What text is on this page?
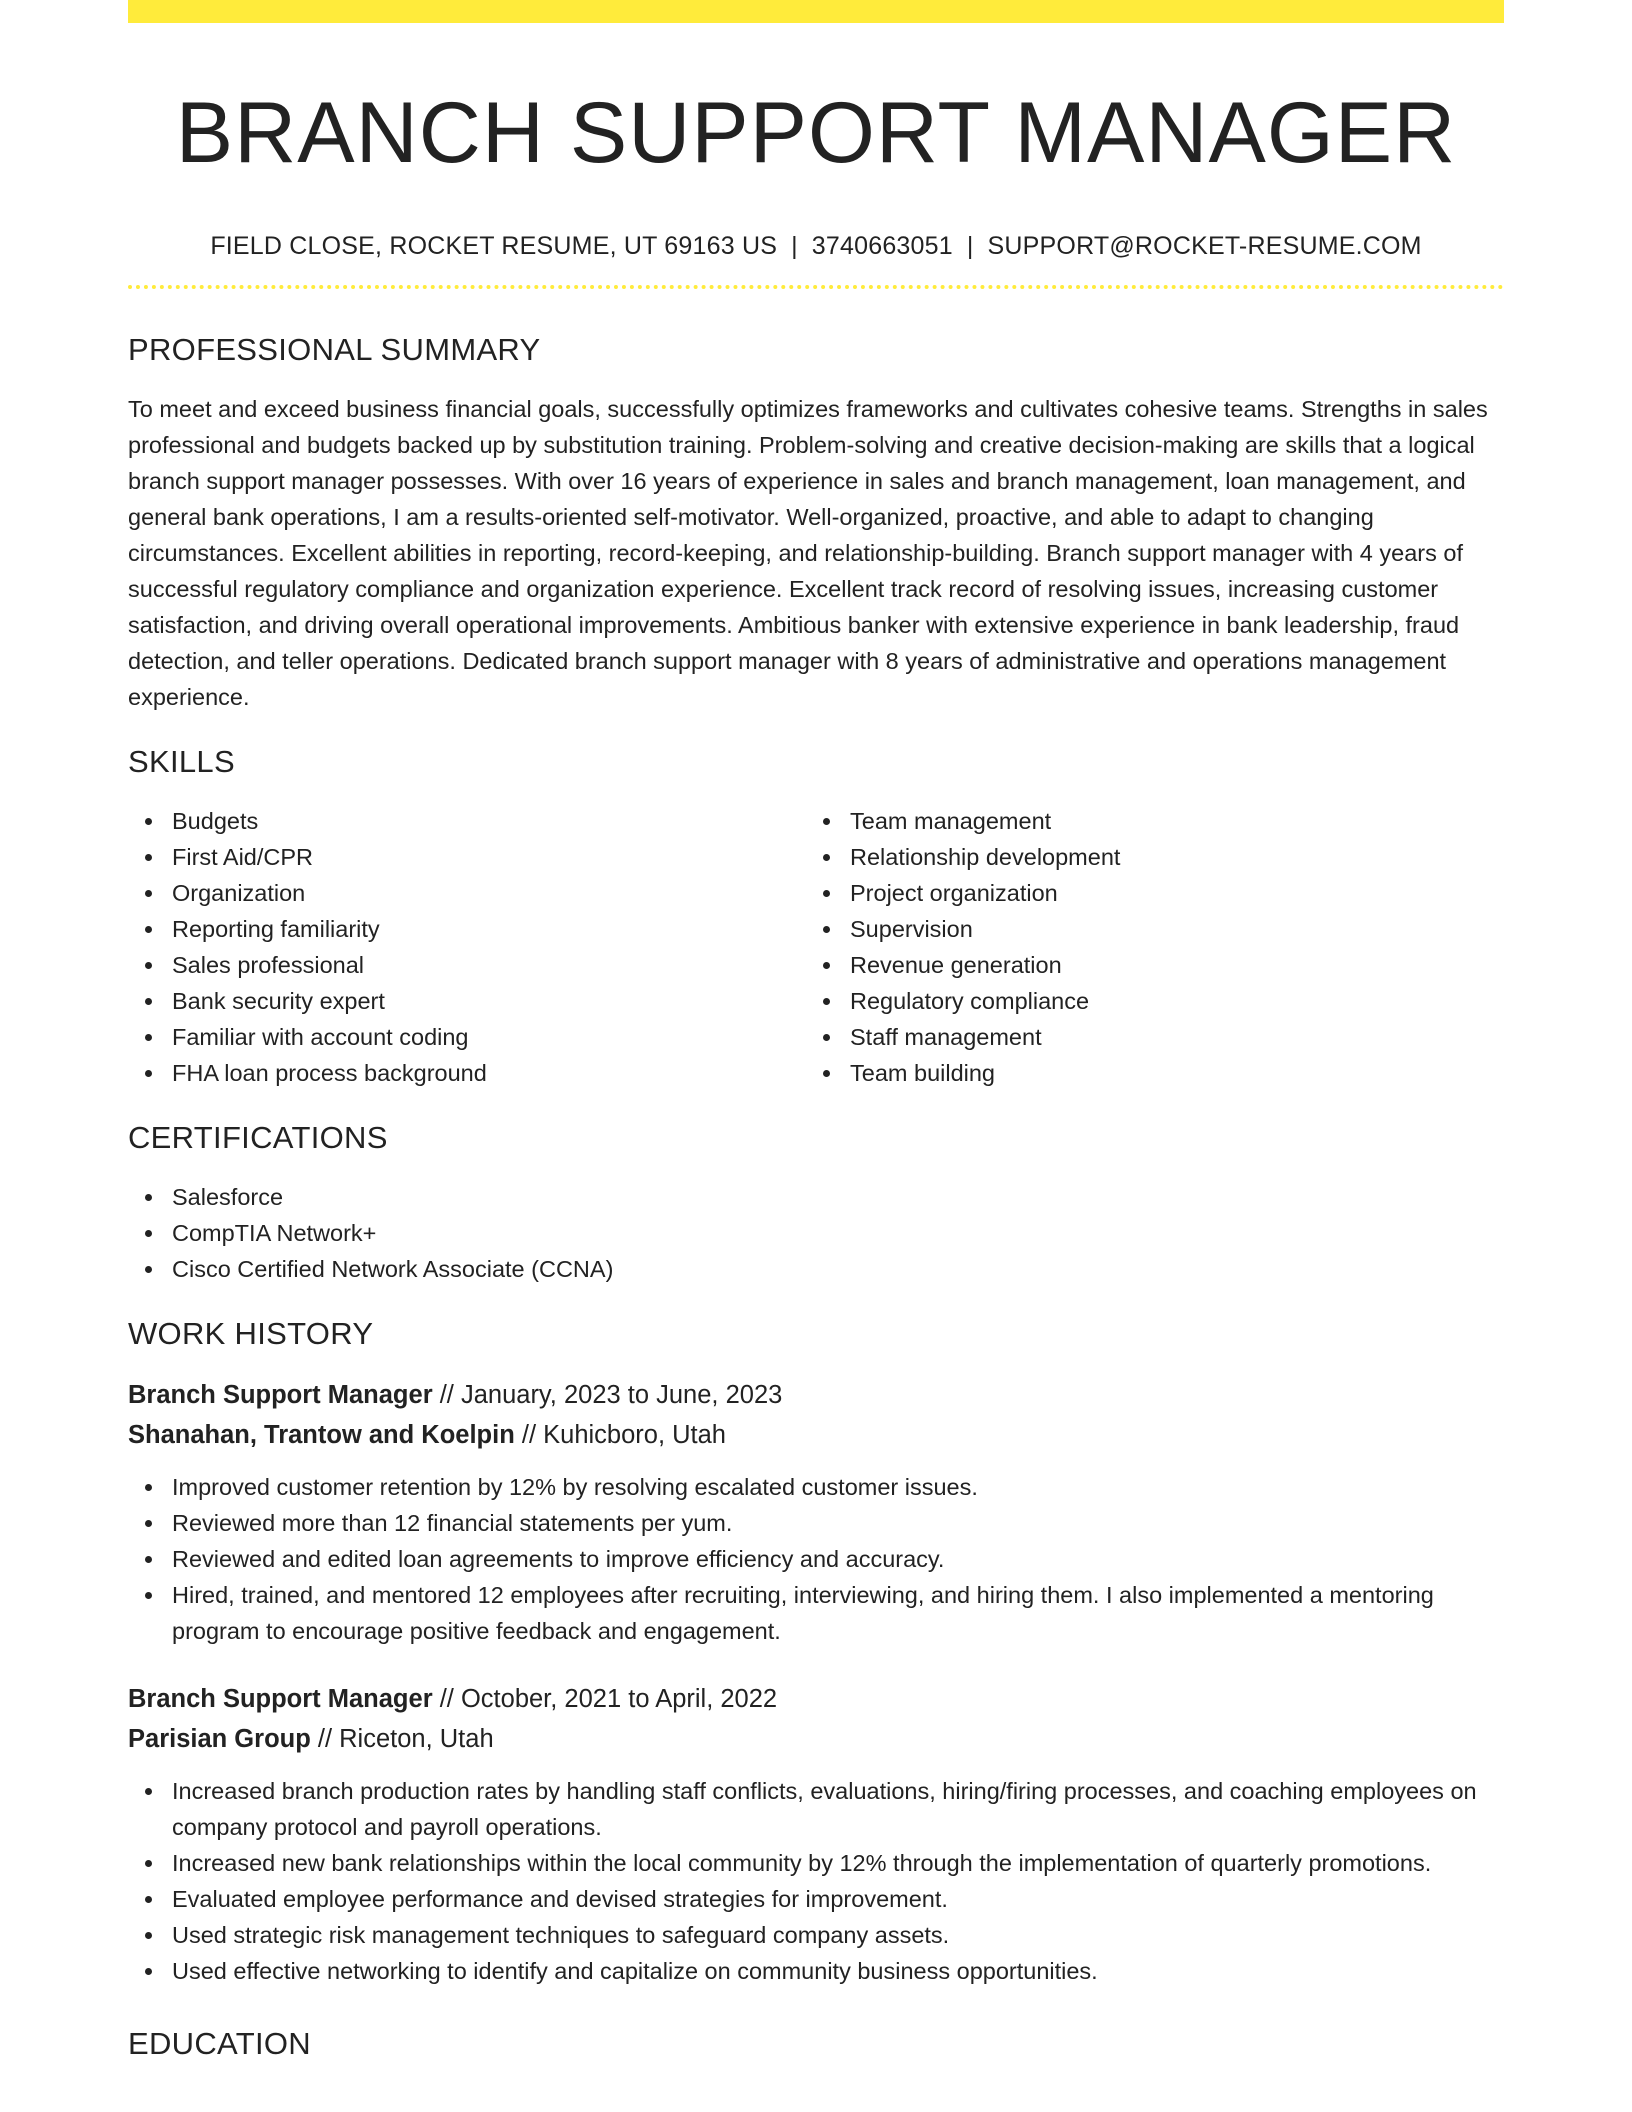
BRANCH SUPPORT MANAGER
FIELD CLOSE, ROCKET RESUME, UT 69163 US | 3740663051 | SUPPORT@ROCKET-RESUME.COM
PROFESSIONAL SUMMARY
To meet and exceed business financial goals, successfully optimizes frameworks and cultivates cohesive teams. Strengths in sales professional and budgets backed up by substitution training. Problem-solving and creative decision-making are skills that a logical branch support manager possesses. With over 16 years of experience in sales and branch management, loan management, and general bank operations, I am a results-oriented self-motivator. Well-organized, proactive, and able to adapt to changing circumstances. Excellent abilities in reporting, record-keeping, and relationship-building. Branch support manager with 4 years of successful regulatory compliance and organization experience. Excellent track record of resolving issues, increasing customer satisfaction, and driving overall operational improvements. Ambitious banker with extensive experience in bank leadership, fraud detection, and teller operations. Dedicated branch support manager with 8 years of administrative and operations management experience.
SKILLS
Budgets
First Aid/CPR
Organization
Reporting familiarity
Sales professional
Bank security expert
Familiar with account coding
FHA loan process background
Team management
Relationship development
Project organization
Supervision
Revenue generation
Regulatory compliance
Staff management
Team building
CERTIFICATIONS
Salesforce
CompTIA Network+
Cisco Certified Network Associate (CCNA)
WORK HISTORY
Branch Support Manager // January, 2023 to June, 2023
Shanahan, Trantow and Koelpin // Kuhicboro, Utah
Improved customer retention by 12% by resolving escalated customer issues.
Reviewed more than 12 financial statements per yum.
Reviewed and edited loan agreements to improve efficiency and accuracy.
Hired, trained, and mentored 12 employees after recruiting, interviewing, and hiring them. I also implemented a mentoring program to encourage positive feedback and engagement.
Branch Support Manager // October, 2021 to April, 2022
Parisian Group // Riceton, Utah
Increased branch production rates by handling staff conflicts, evaluations, hiring/firing processes, and coaching employees on company protocol and payroll operations.
Increased new bank relationships within the local community by 12% through the implementation of quarterly promotions.
Evaluated employee performance and devised strategies for improvement.
Used strategic risk management techniques to safeguard company assets.
Used effective networking to identify and capitalize on community business opportunities.
EDUCATION
